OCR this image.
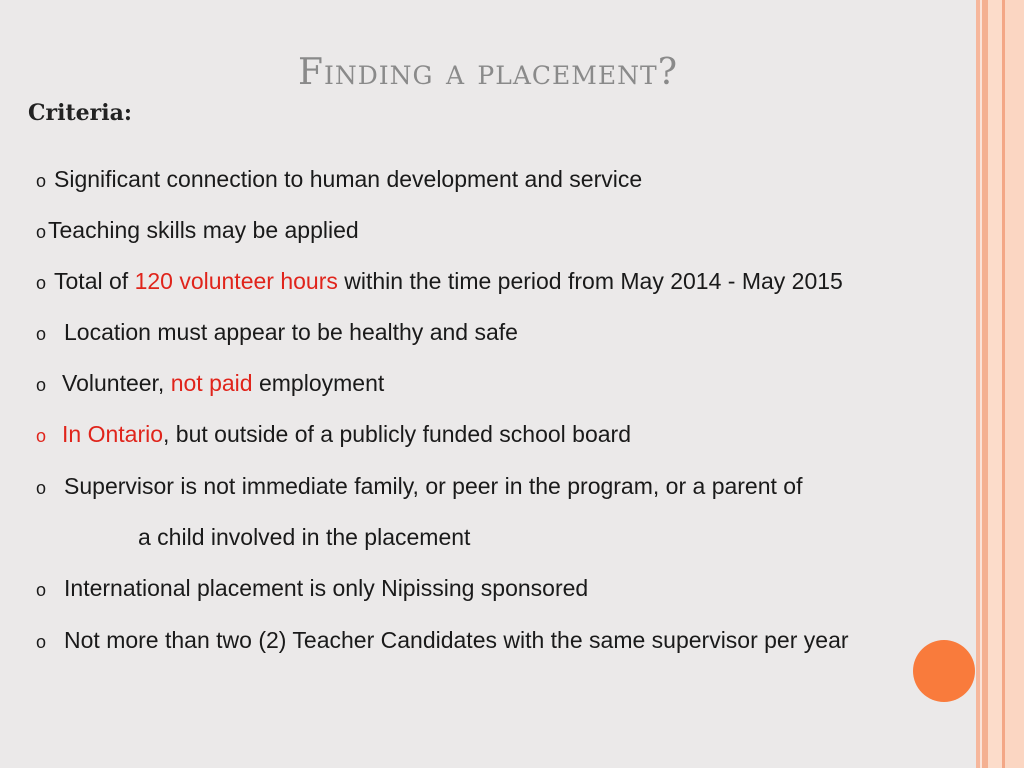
Finding a placement?
Criteria:
o Significant connection to human development and service
oTeaching skills may be applied
o Total of 120 volunteer hours within the time period from May 2014 - May 2015
o Location must appear to be healthy and safe
o Volunteer, not paid employment
o In Ontario, but outside of a publicly funded school board
o Supervisor is not immediate family, or peer in the program, or a parent of
a child involved in the placement
o International placement is only Nipissing sponsored
o Not more than two (2) Teacher Candidates with the same supervisor per year
